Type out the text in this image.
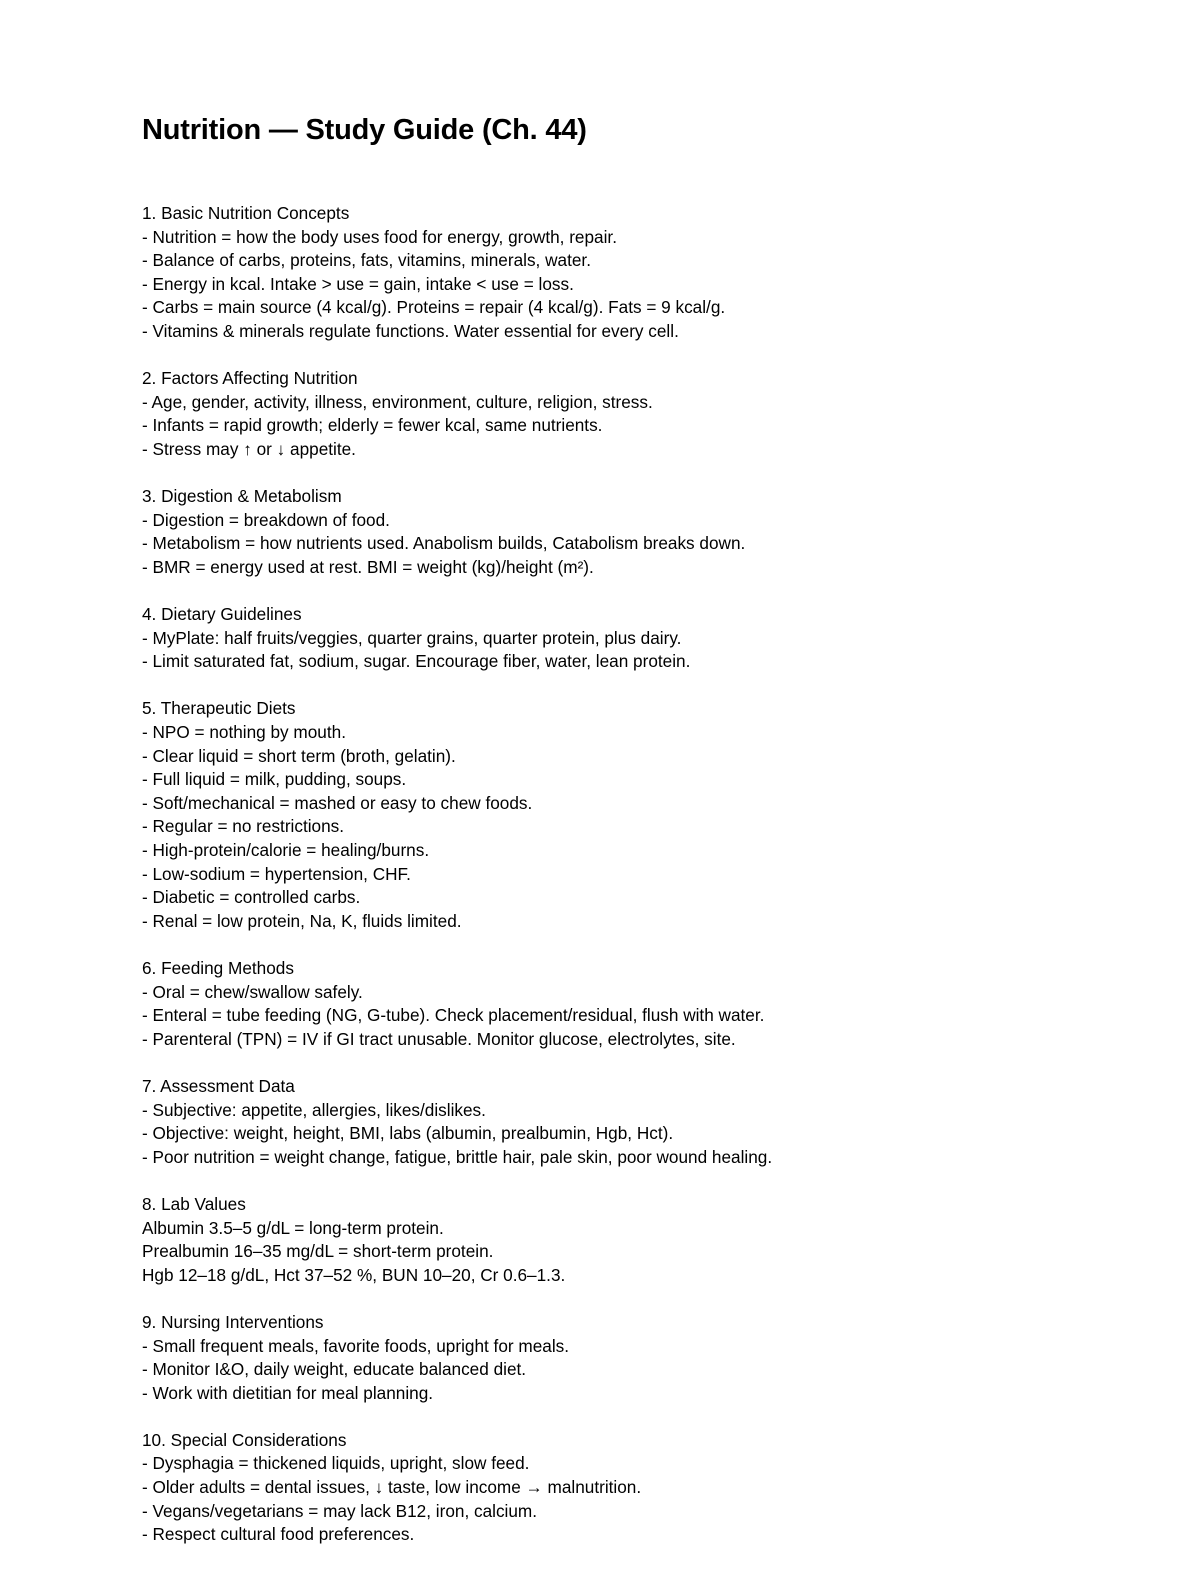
Nutrition — Study Guide (Ch. 44)
1. Basic Nutrition Concepts
- Nutrition = how the body uses food for energy, growth, repair.
- Balance of carbs, proteins, fats, vitamins, minerals, water.
- Energy in kcal. Intake > use = gain, intake < use = loss.
- Carbs = main source (4 kcal/g). Proteins = repair (4 kcal/g). Fats = 9 kcal/g.
- Vitamins & minerals regulate functions. Water essential for every cell.
2. Factors Affecting Nutrition
- Age, gender, activity, illness, environment, culture, religion, stress.
- Infants = rapid growth; elderly = fewer kcal, same nutrients.
- Stress may ↑ or ↓ appetite.
3. Digestion & Metabolism
- Digestion = breakdown of food.
- Metabolism = how nutrients used. Anabolism builds, Catabolism breaks down.
- BMR = energy used at rest. BMI = weight (kg)/height (m²).
4. Dietary Guidelines
- MyPlate: half fruits/veggies, quarter grains, quarter protein, plus dairy.
- Limit saturated fat, sodium, sugar. Encourage fiber, water, lean protein.
5. Therapeutic Diets
- NPO = nothing by mouth.
- Clear liquid = short term (broth, gelatin).
- Full liquid = milk, pudding, soups.
- Soft/mechanical = mashed or easy to chew foods.
- Regular = no restrictions.
- High-protein/calorie = healing/burns.
- Low-sodium = hypertension, CHF.
- Diabetic = controlled carbs.
- Renal = low protein, Na, K, fluids limited.
6. Feeding Methods
- Oral = chew/swallow safely.
- Enteral = tube feeding (NG, G-tube). Check placement/residual, flush with water.
- Parenteral (TPN) = IV if GI tract unusable. Monitor glucose, electrolytes, site.
7. Assessment Data
- Subjective: appetite, allergies, likes/dislikes.
- Objective: weight, height, BMI, labs (albumin, prealbumin, Hgb, Hct).
- Poor nutrition = weight change, fatigue, brittle hair, pale skin, poor wound healing.
8. Lab Values
Albumin 3.5–5 g/dL = long-term protein.
Prealbumin 16–35 mg/dL = short-term protein.
Hgb 12–18 g/dL, Hct 37–52 %, BUN 10–20, Cr 0.6–1.3.
9. Nursing Interventions
- Small frequent meals, favorite foods, upright for meals.
- Monitor I&O, daily weight, educate balanced diet.
- Work with dietitian for meal planning.
10. Special Considerations
- Dysphagia = thickened liquids, upright, slow feed.
- Older adults = dental issues, ↓ taste, low income → malnutrition.
- Vegans/vegetarians = may lack B12, iron, calcium.
- Respect cultural food preferences.
